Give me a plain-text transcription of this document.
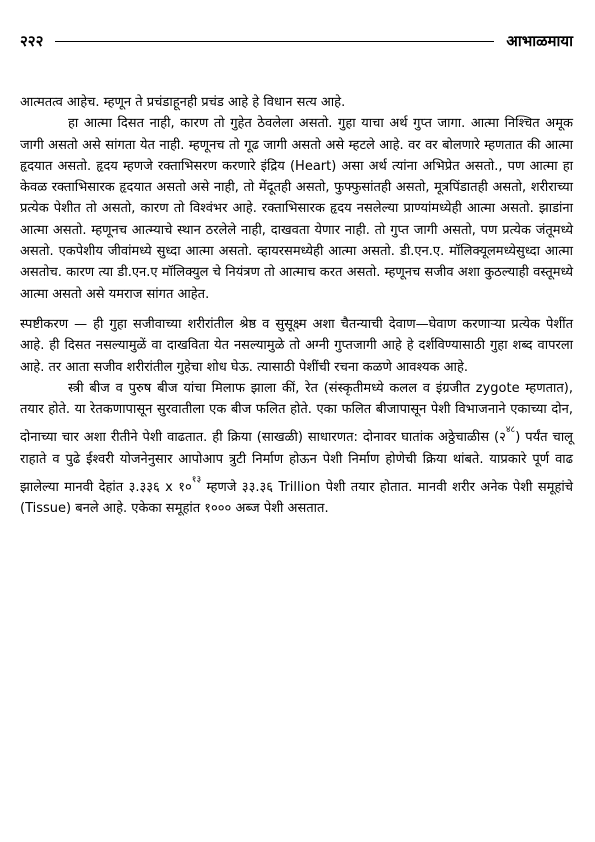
२२२	आभाळमाया

आत्मतत्व आहेच. म्हणून ते प्रचंडाहूनही प्रचंड आहे हे विधान सत्य आहे.

हा आत्मा दिसत नाही, कारण तो गुहेत ठेवलेला असतो. गुहा याचा अर्थ गुप्त जागा. आत्मा निश्चित अमूक जागी असतो असे सांगता येत नाही. म्हणूनच तो गूढ जागी असतो असे म्हटले आहे. वर वर बोलणारे म्हणतात की आत्मा हृदयात असतो. हृदय म्हणजे रक्ताभिसरण करणारे इंद्रिय (Heart) असा अर्थ त्यांना अभिप्रेत असतो., पण आत्मा हा केवळ रक्ताभिसारक हृदयात असतो असे नाही, तो मेंदूतही असतो, फुफ्फुसांतही असतो, मूत्रपिंडातही असतो, शरीराच्या प्रत्येक पेशीत तो असतो, कारण तो विश्वंभर आहे. रक्ताभिसारक हृदय नसलेल्या प्राण्यांमध्येही आत्मा असतो. झाडांना आत्मा असतो. म्हणूनच आत्म्याचे स्थान ठरलेले नाही, दाखवता येणार नाही. तो गुप्त जागी असतो, पण प्रत्येक जंतूमध्ये असतो. एकपेशीय जीवांमध्ये सुध्दा आत्मा असतो. व्हायरसमध्येही आत्मा असतो. डी.एन.ए. मॉलिक्यूलमध्येसुध्दा आत्मा असतोच. कारण त्या डी.एन.ए मॉलिक्युल चे नियंत्रण तो आत्माच करत असतो. म्हणूनच सजीव अशा कुठल्याही वस्तूमध्ये आत्मा असतो असे यमराज सांगत आहेत.

स्पष्टीकरण — ही गुहा सजीवाच्या शरीरांतील श्रेष्ठ व सुसूक्ष्म अशा चैतन्याची देवाण—घेवाण करणाऱ्या प्रत्येक पेशींत आहे. ही दिसत नसल्यामुळें वा दाखविता येत नसल्यामुळे तो अग्नी गुप्तजागी आहे हे दर्शविण्यासाठी गुहा शब्द वापरला आहे. तर आता सजीव शरीरांतील गुहेचा शोध घेऊ. त्यासाठी पेशींची रचना कळणे आवश्यक आहे.

स्त्री बीज व पुरुष बीज यांचा मिलाफ झाला कीं, रेत (संस्कृतीमध्ये कलल व इंग्रजीत zygote म्हणतात), तयार होते. या रेतकणापासून सुरवातीला एक बीज फलित होते. एका फलित बीजापासून पेशी विभाजनाने एकाच्या दोन, दोनाच्या चार अशा रीतीने पेशी वाढतात. ही क्रिया (साखळी) साधारणत: दोनावर घातांक अठ्ठेचाळीस $(२^{४८})$ पर्यंत चालू राहाते व पुढे ईश्वरी योजनेनुसार आपोआप त्रुटी निर्माण होऊन पेशी निर्माण होणेची क्रिया थांबते. याप्रकारे पूर्ण वाढ झालेल्या मानवी देहांत ३.३३६ x $१०^{१३}$ म्हणजे ३३.३६ Trillion पेशी तयार होतात. मानवी शरीर अनेक पेशी समूहांचे (Tissue) बनले आहे. एकेका समूहांत १००० अब्ज पेशी असतात.
